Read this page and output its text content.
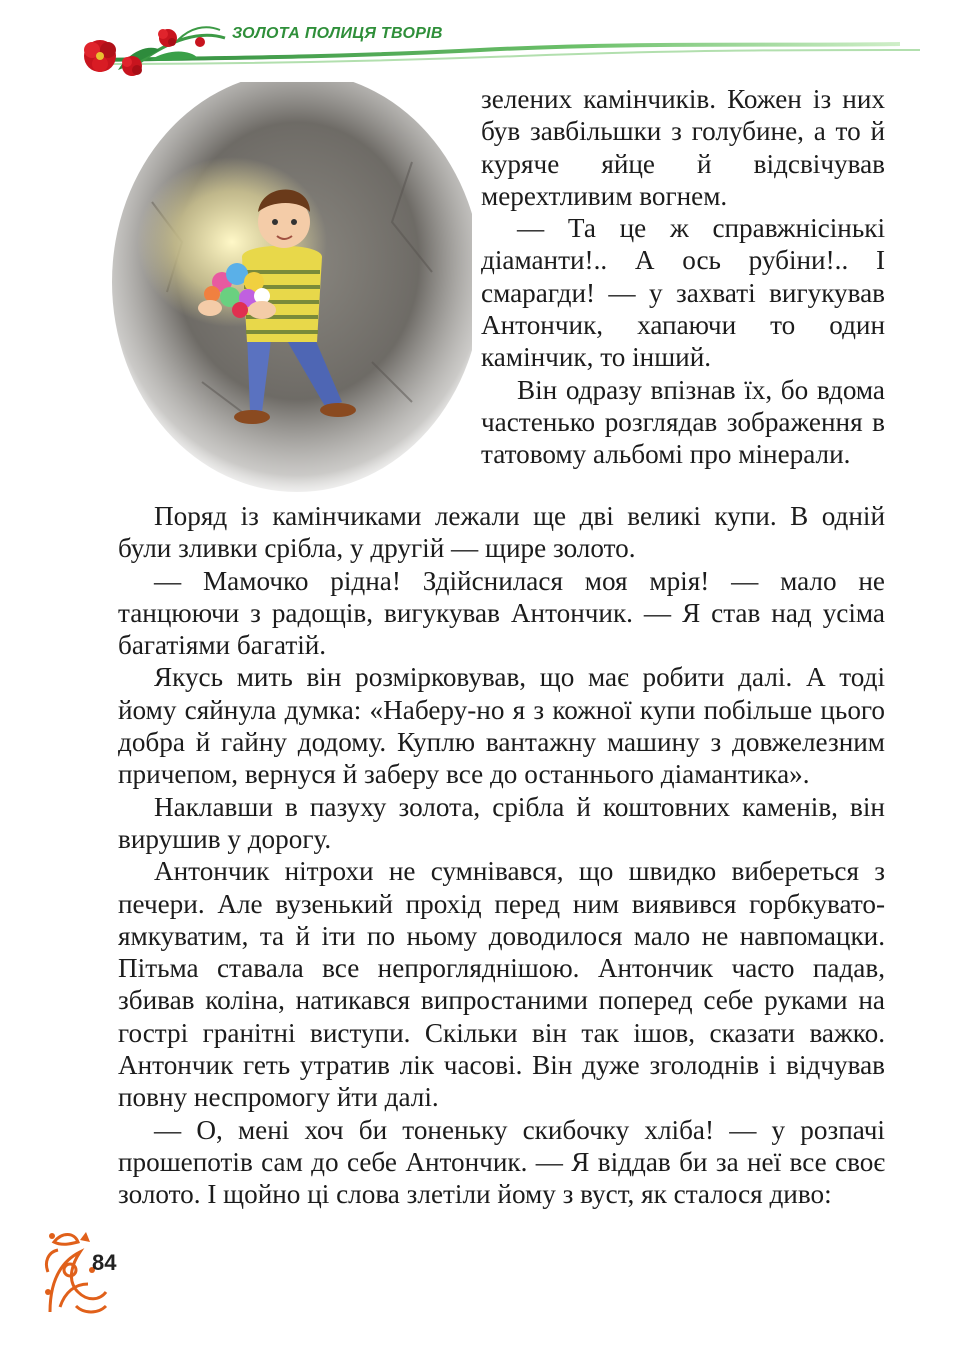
ЗОЛОТА ПОЛИЦЯ ТВОРІВ

зелених камінчиків. Кожен із них був завбільшки з голубине, а то й куряче яйце й відсвічував мерехтливим вогнем.

— Та це ж справжнісінькі діаманти!.. А ось рубіни!.. І смарагди! — у захваті вигукував Антончик, хапаючи то один камінчик, то інший.

Він одразу впізнав їх, бо вдома частенько розглядав зображення в татовому альбомі про мінерали.

Поряд із камінчиками лежали ще дві великі купи. В одній були зливки срібла, у другій — щире золото.

— Мамочко рідна! Здійснилася моя мрія! — мало не танцюючи з радощів, вигукував Антончик. — Я став над усіма багатіями багатій.

Якусь мить він розмірковував, що має робити далі. А тоді йому сяйнула думка: «Наберу-но я з кожної купи побільше цього добра й гайну додому. Куплю вантажну машину з довжелезним причепом, вернуся й заберу все до останнього діамантика».

Наклавши в пазуху золота, срібла й коштовних каменів, він вирушив у дорогу.

Антончик нітрохи не сумнівався, що швидко вибереться з печери. Але вузенький прохід перед ним виявився горбкувато-ямкуватим, та й іти по ньому доводилося мало не навпомацки. Пітьма ставала все непрогляднішою. Антончик часто падав, збивав коліна, натикався випростаними поперед себе руками на гострі гранітні виступи. Скільки він так ішов, сказати важко. Антончик геть утратив лік часові. Він дуже зголоднів і відчував повну неспромогу йти далі.

— О, мені хоч би тоненьку скибочку хліба! — у розпачі прошепотів сам до себе Антончик. — Я віддав би за неї все своє золото. І щойно ці слова злетіли йому з вуст, як сталося диво:

84
